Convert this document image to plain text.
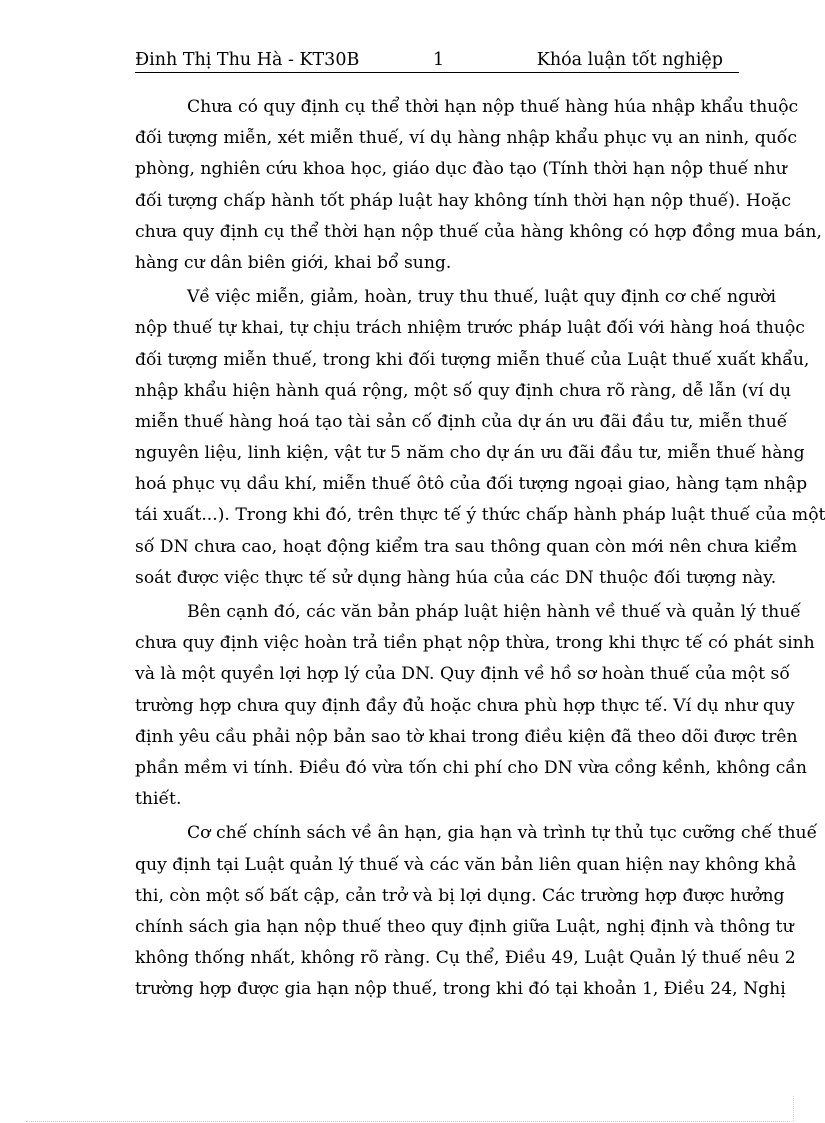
Đinh Thị Thu Hà - KT30B	1	Khóa luận tốt nghiệp
Chưa có quy định cụ thể thời hạn nộp thuế hàng húa nhập khẩu thuộc
đối tượng miễn, xét miễn thuế, ví dụ hàng nhập khẩu phục vụ an ninh, quốc
phòng, nghiên cứu khoa học, giáo dục đào tạo (Tính thời hạn nộp thuế như
đối tượng chấp hành tốt pháp luật hay không tính thời hạn nộp thuế). Hoặc
chưa quy định cụ thể thời hạn nộp thuế của hàng không có hợp đồng mua bán,
hàng cư dân biên giới, khai bổ sung.
Về việc miễn, giảm, hoàn, truy thu thuế, luật quy định cơ chế người
nộp thuế tự khai, tự chịu trách nhiệm trước pháp luật đối với hàng hoá thuộc
đối tượng miễn thuế, trong khi đối tượng miễn thuế của Luật thuế xuất khẩu,
nhập khẩu hiện hành quá rộng, một số quy định chưa rõ ràng, dễ lẫn (ví dụ
miễn thuế hàng hoá tạo tài sản cố định của dự án ưu đãi đầu tư, miễn thuế
nguyên liệu, linh kiện, vật tư 5 năm cho dự án ưu đãi đầu tư, miễn thuế hàng
hoá phục vụ dầu khí, miễn thuế ôtô của đối tượng ngoại giao, hàng tạm nhập
tái xuất...). Trong khi đó, trên thực tế ý thức chấp hành pháp luật thuế của một
số DN chưa cao, hoạt động kiểm tra sau thông quan còn mới nên chưa kiểm
soát được việc thực tế sử dụng hàng húa của các DN thuộc đối tượng này.
Bên cạnh đó, các văn bản pháp luật hiện hành về thuế và quản lý thuế
chưa quy định việc hoàn trả tiền phạt nộp thừa, trong khi thực tế có phát sinh
và là một quyền lợi hợp lý của DN. Quy định về hồ sơ hoàn thuế của một số
trường hợp chưa quy định đầy đủ hoặc chưa phù hợp thực tế. Ví dụ như quy
định yêu cầu phải nộp bản sao tờ khai trong điều kiện đã theo dõi được trên
phần mềm vi tính. Điều đó vừa tốn chi phí cho DN vừa cồng kềnh, không cần
thiết.
Cơ chế chính sách về ân hạn, gia hạn và trình tự thủ tục cưỡng chế thuế
quy định tại Luật quản lý thuế và các văn bản liên quan hiện nay không khả
thi, còn một số bất cập, cản trở và bị lợi dụng. Các trường hợp được hưởng
chính sách gia hạn nộp thuế theo quy định giữa Luật, nghị định và thông tư
không thống nhất, không rõ ràng. Cụ thể, Điều 49, Luật Quản lý thuế nêu 2
trường hợp được gia hạn nộp thuế, trong khi đó tại khoản 1, Điều 24, Nghị
